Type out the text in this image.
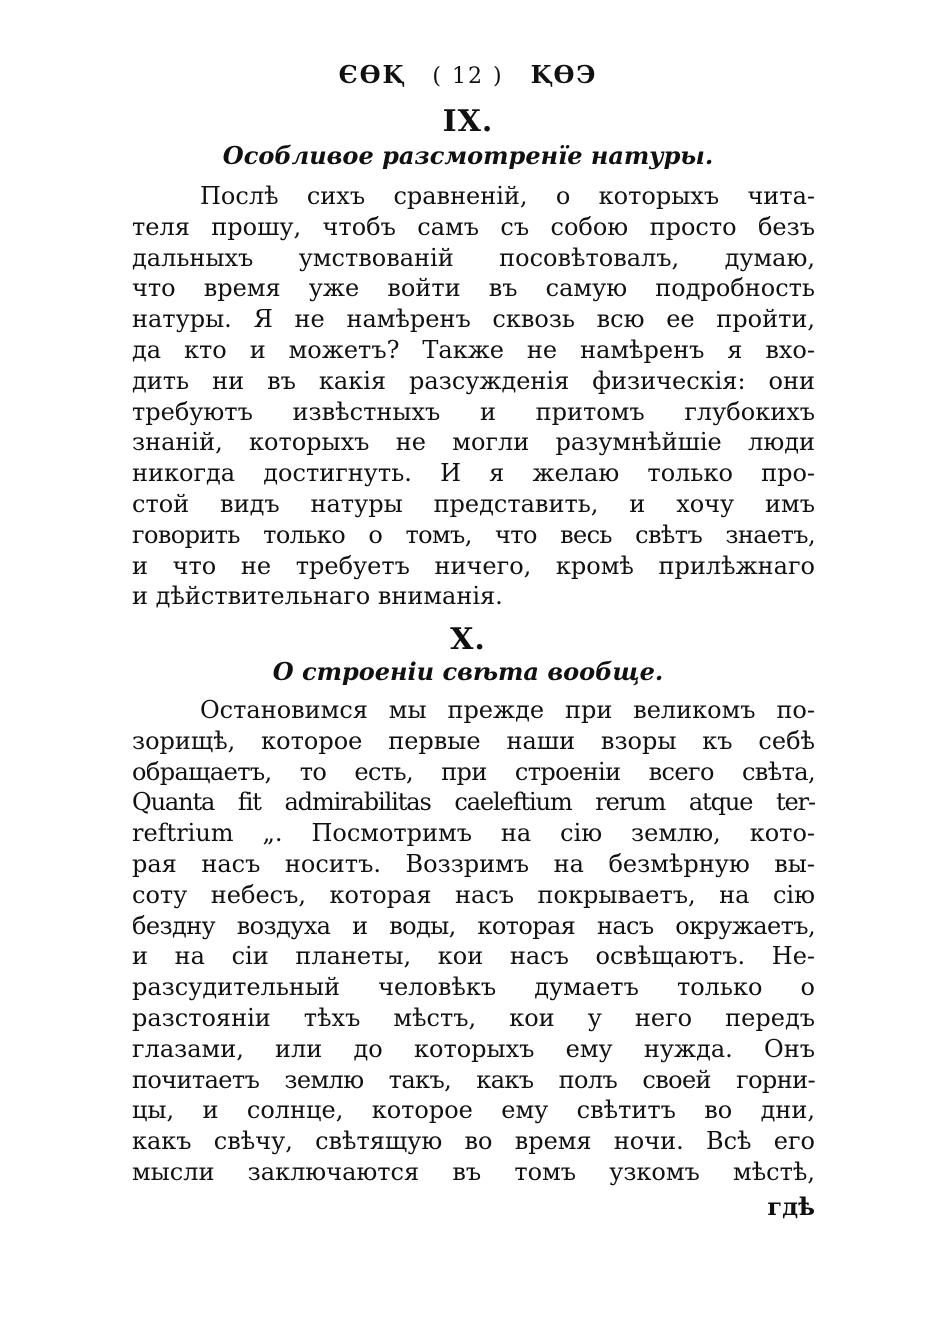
ЄѲⱩ ( 12 ) ⱩѲЭ
IX.
Особливое разсмотренїе натуры.
Послѣ сихъ сравненій, о которыхъ чита-
теля прошу, чтобъ самъ съ собою просто безъ
дальныхъ умствованій посовѣтовалъ, думаю,
что время уже войти въ самую подробность
натуры. Я не намѣренъ сквозь всю ее пройти,
да кто и можетъ? Также не намѣренъ я вхо-
дить ни въ какія разсужденія физическія: они
требуютъ извѣстныхъ и притомъ глубокихъ
знаній, которыхъ не могли разумнѣйшіе люди
никогда достигнуть. И я желаю только про-
стой видъ натуры представить, и хочу имъ
говорить только о томъ, что весь свѣтъ знаетъ,
и что не требуетъ ничего, кромѣ прилѣжнаго
и дѣйствительнаго вниманія.
X.
О строеніи свѣта вообще.
Остановимся мы прежде при великомъ по-
зорищѣ, которое первые наши взоры къ себѣ
обращаетъ, то есть, при строеніи всего свѣта,
Quanta fit admirabilitas caeleftium rerum atque ter-
reftrium „. Посмотримъ на сію землю, кото-
рая насъ носитъ. Воззримъ на безмѣрную вы-
соту небесъ, которая насъ покрываетъ, на сію
бездну воздуха и воды, которая насъ окружаетъ,
и на сіи планеты, кои насъ освѣщаютъ. Не-
разсудительный человѣкъ думаетъ только о
разстояніи тѣхъ мѣстъ, кои у него передъ
глазами, или до которыхъ ему нужда. Онъ
почитаетъ землю такъ, какъ полъ своей горни-
цы, и солнце, которое ему свѣтитъ во дни,
какъ свѣчу, свѣтящую во время ночи. Всѣ его
мысли заключаются въ томъ узкомъ мѣстѣ,
гдѣ
